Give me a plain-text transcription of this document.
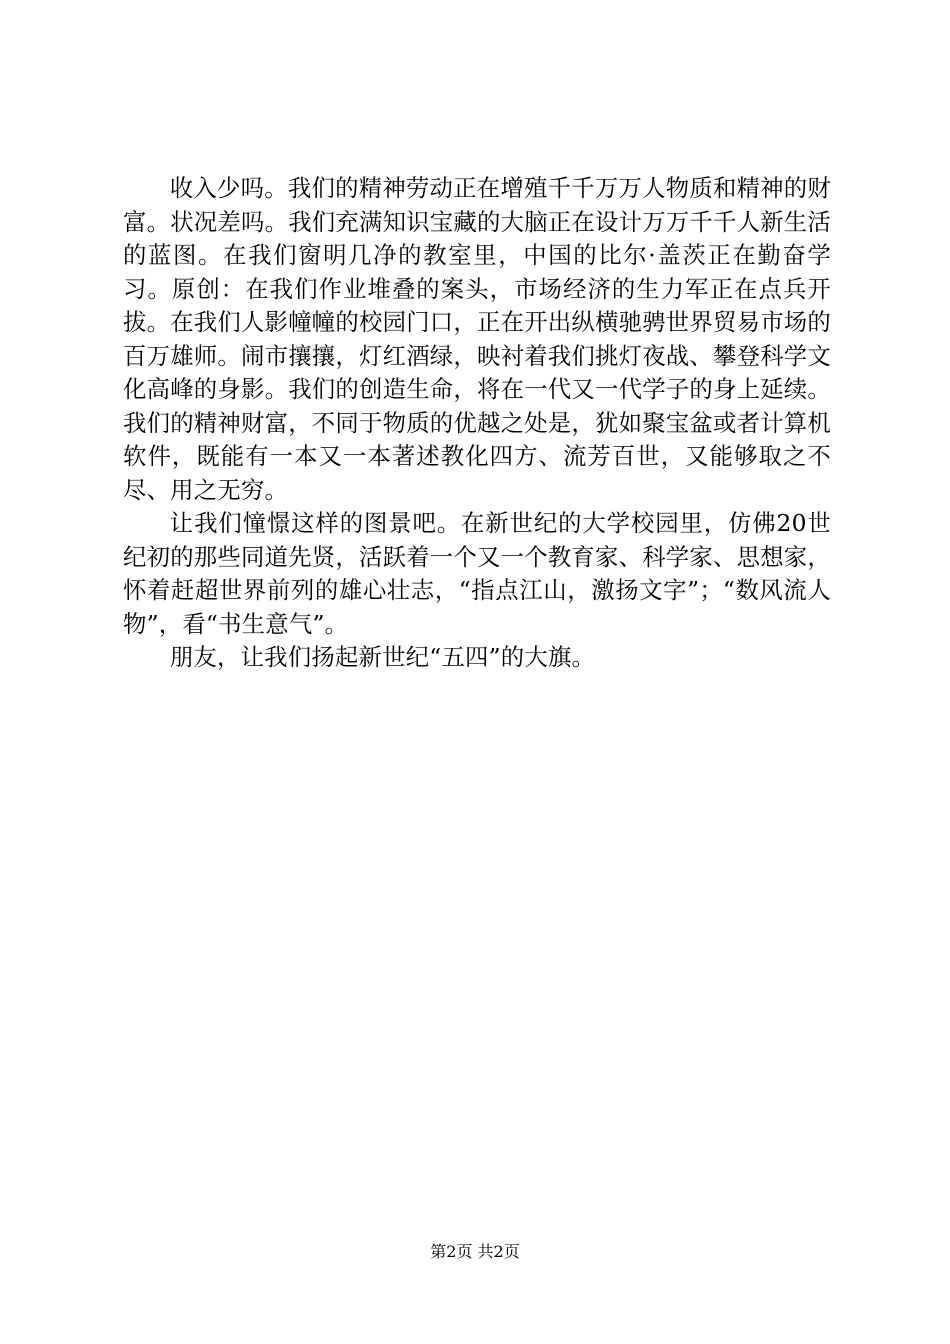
收入少吗。我们的精神劳动正在增殖千千万万人物质和精神的财富。状况差吗。我们充满知识宝藏的大脑正在设计万万千千人新生活的蓝图。在我们窗明几净的教室里，中国的比尔·盖茨正在勤奋学习。原创：在我们作业堆叠的案头，市场经济的生力军正在点兵开拔。在我们人影幢幢的校园门口，正在开出纵横驰骋世界贸易市场的百万雄师。闹市攘攘，灯红酒绿，映衬着我们挑灯夜战、攀登科学文化高峰的身影。我们的创造生命，将在一代又一代学子的身上延续。我们的精神财富，不同于物质的优越之处是，犹如聚宝盆或者计算机软件，既能有一本又一本著述教化四方、流芳百世，又能够取之不尽、用之无穷。

让我们憧憬这样的图景吧。在新世纪的大学校园里，仿佛20世纪初的那些同道先贤，活跃着一个又一个教育家、科学家、思想家，怀着赶超世界前列的雄心壮志，“指点江山，激扬文字”；“数风流人物”，看“书生意气”。

朋友，让我们扬起新世纪“五四”的大旗。

第2页 共2页
